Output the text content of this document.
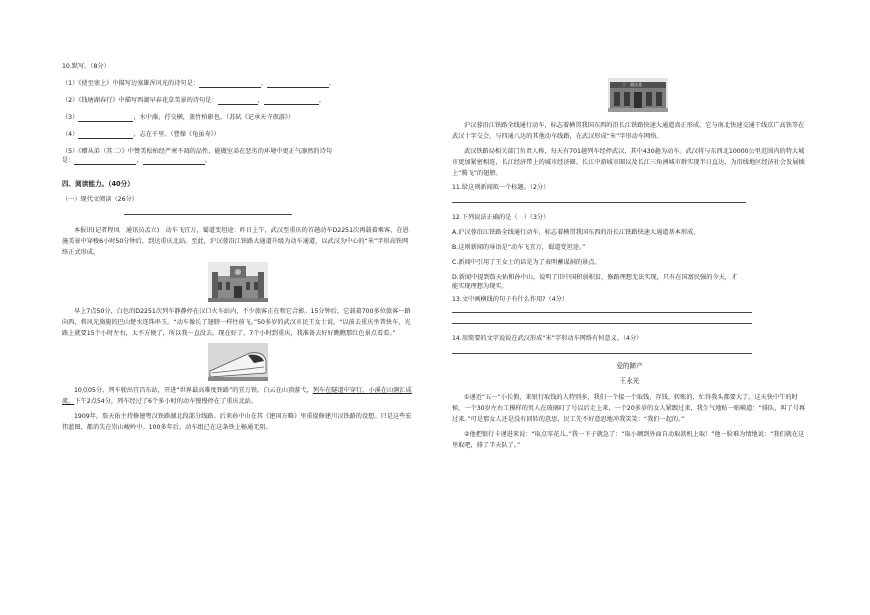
10.默写。（8分）
（1）《使至塞上》中描写边塞雄浑风光的诗句是：	，	。
（2）《钱塘湖春行》中描写西湖早春花草美景的诗句是：	，	。
（3）	，水中藻、荇交横，盖竹柏影也。（苏轼《记承天寺夜游》）
（4）	，志在千里。（曹操《龟虽寿》）
（5）《赠从弟（其二）》中赞美松柏经严寒不凋的品性，能做室弟在恶劣的环境中更正气凛然的诗句
是：	，	。
四、阅读能力。（40分）
（一）现代文阅读（26分）
本报讯(记者程凤　通讯员孟立)　动车飞宜万，蜀道变坦途：昨日上午，武汉至重庆的首趟动车D2251次再载着乘客，在恩施美景中穿梭6小时50分钟后，到达重庆北站。至此，沪汉蓉沿江铁路大通道升级为动车通道，以武汉为中心的“米”字形高铁网络正式形成。
早上7点50分，白色的D2251次列车静静停在汉口火车站内，不少旅客正在和它合影。15分钟后，它载着700多位旅客一路向西，将风光旖旎的巴山楚水连珠串玉。“动车像长了翅膀一样往前飞。”50多岁的武汉市民王女士说，“以前去重庆坐普快车，光路上就要15个小时左右，太不方便了，所以我一直没去。现在好了，7个小时到重庆，我准备去好好瞧瞧那红色景点看看。”
10点05分，列车驶出宜昌东站，开进“世界最高难度铁路”的宜万铁。白云在山顶游弋，列车在隧道中穿行。小溪在山涧汇成流。下午2点54分，列车经过了6个多小时的动车慢慢停在了重庆北站。
1909年，詹天佑主持修建粤汉铁路湖北段部分线路。后来孙中山在其《建国方略》里重提修建川汉铁路的设想。只是这些宏伟蓝图，都消失在崇山峻岭中。100多年后，动车组已在这条铁上畅通无阻。
三　重庆北
沪汉蓉沿江铁路全线通行动车，标志着横贯我国东西的沿长江铁路快速大通道真正形成。它与南北快速交通干线京广高铁等在武汉十字交会，与四通八达的其他动车线路，在武汉形成“米”字形动车网络。
武汉铁路局相关部门负责人称，每天有701趟列车经停武汉，其中430趟为动车。武汉将与东西北10000公里范围内的特大城市更加紧密相连，长江经济带上的城市经济圈、长江中游城市圈以及长江三角洲城市群实现半日直达，为沿线地区经济社会发展插上“腾飞”的翅膀。
11.给这则新闻拟一个标题。（2分）
12.下列说法正确的是（　）（3分）
A.沪汉蓉沿江铁路全线通行动车，标志着横贯我国东西的沿长江铁路快速大通道基本形成。
B.这则新闻的导语是“动车飞宜万，蜀道变坦途。”
C.新闻中引用了王女士的话是为了表明蓄谋洞的景点。
D.新闻中提到詹天佑和孙中山，说明了旧中国积弱积贫，修路理想无法实现，只有在国富民强的今天，才
能实现理想为现实。
13.文中画横线的句子有什么作用?（4分）
14.用简要的文字说说在武汉形成“米”字形动车网络有何意义。（4分）
爱的蹄产
王永光
①递近“五一”小长假，来银行取钱的人特别多，我们一个接一个取钱、存钱、转账的，忙得我头都要大了。这天快中午的时候，一个30岁左右工模样的男人在玻璃叮了号以后走上来，一个20多岁的女人紧跟过来，我生气地贴一贴嗬道：“排队，叫了号再过来。”可是那女人还是没有回转的意思，民工先不好意思地冲我笑笑：“我们一起的。”
②他把银行卡递进来说：“取点零花儿。”我一下子就急了：“取小额到外面自动取款机上取！”他一脸难为情地说：“我们就在这里取吧，排了半天队了。”
